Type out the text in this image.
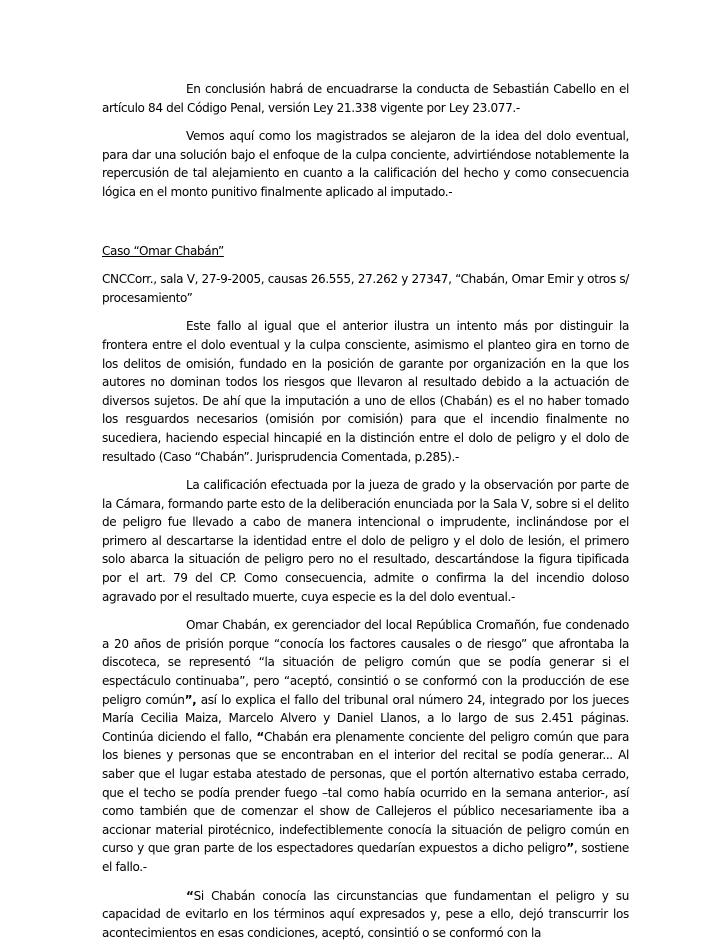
En conclusión habrá de encuadrarse la conducta de Sebastián Cabello en el artículo 84 del Código Penal, versión Ley 21.338 vigente por Ley 23.077.-

Vemos aquí como los magistrados se alejaron de la idea del dolo eventual, para dar una solución bajo el enfoque de la culpa conciente, advirtiéndose notablemente la repercusión de tal alejamiento en cuanto a la calificación del hecho y como consecuencia lógica en el monto punitivo finalmente aplicado al imputado.-

Caso “Omar Chabán”

CNCCorr., sala V, 27-9-2005, causas 26.555, 27.262 y 27347, “Chabán, Omar Emir y otros s/ procesamiento”

Este fallo al igual que el anterior ilustra un intento más por distinguir la frontera entre el dolo eventual y la culpa consciente, asimismo el planteo gira en torno de los delitos de omisión, fundado en la posición de garante por organización en la que los autores no dominan todos los riesgos que llevaron al resultado debido a la actuación de diversos sujetos. De ahí que la imputación a uno de ellos (Chabán) es el no haber tomado los resguardos necesarios (omisión por comisión) para que el incendio finalmente no sucediera, haciendo especial hincapié en la distinción entre el dolo de peligro y el dolo de resultado (Caso “Chabán”. Jurisprudencia Comentada, p.285).-

La calificación efectuada por la jueza de grado y la observación por parte de la Cámara, formando parte esto de la deliberación enunciada por la Sala V, sobre si el delito de peligro fue llevado a cabo de manera intencional o imprudente, inclinándose por el primero al descartarse la identidad entre el dolo de peligro y el dolo de lesión, el primero solo abarca la situación de peligro pero no el resultado, descartándose la figura tipificada por el art. 79 del CP. Como consecuencia, admite o confirma la del incendio doloso agravado por el resultado muerte, cuya especie es la del dolo eventual.-

Omar Chabán, ex gerenciador del local República Cromañón, fue condenado a 20 años de prisión porque “conocía los factores causales o de riesgo” que afrontaba la discoteca, se representó “la situación de peligro común que se podía generar si el espectáculo continuaba”, pero “aceptó, consintió o se conformó con la producción de ese peligro común”, así lo explica el fallo del tribunal oral número 24, integrado por los jueces María Cecilia Maiza, Marcelo Alvero y Daniel Llanos, a lo largo de sus 2.451 páginas. Continúa diciendo el fallo, “Chabán era plenamente conciente del peligro común que para los bienes y personas que se encontraban en el interior del recital se podía generar... Al saber que el lugar estaba atestado de personas, que el portón alternativo estaba cerrado, que el techo se podía prender fuego –tal como había ocurrido en la semana anterior-, así como también que de comenzar el show de Callejeros el público necesariamente iba a accionar material pirotécnico, indefectiblemente conocía la situación de peligro común en curso y que gran parte de los espectadores quedarían expuestos a dicho peligro”, sostiene el fallo.-

“Si Chabán conocía las circunstancias que fundamentan el peligro y su capacidad de evitarlo en los términos aquí expresados y, pese a ello, dejó transcurrir los acontecimientos en esas condiciones, aceptó, consintió o se conformó con la
